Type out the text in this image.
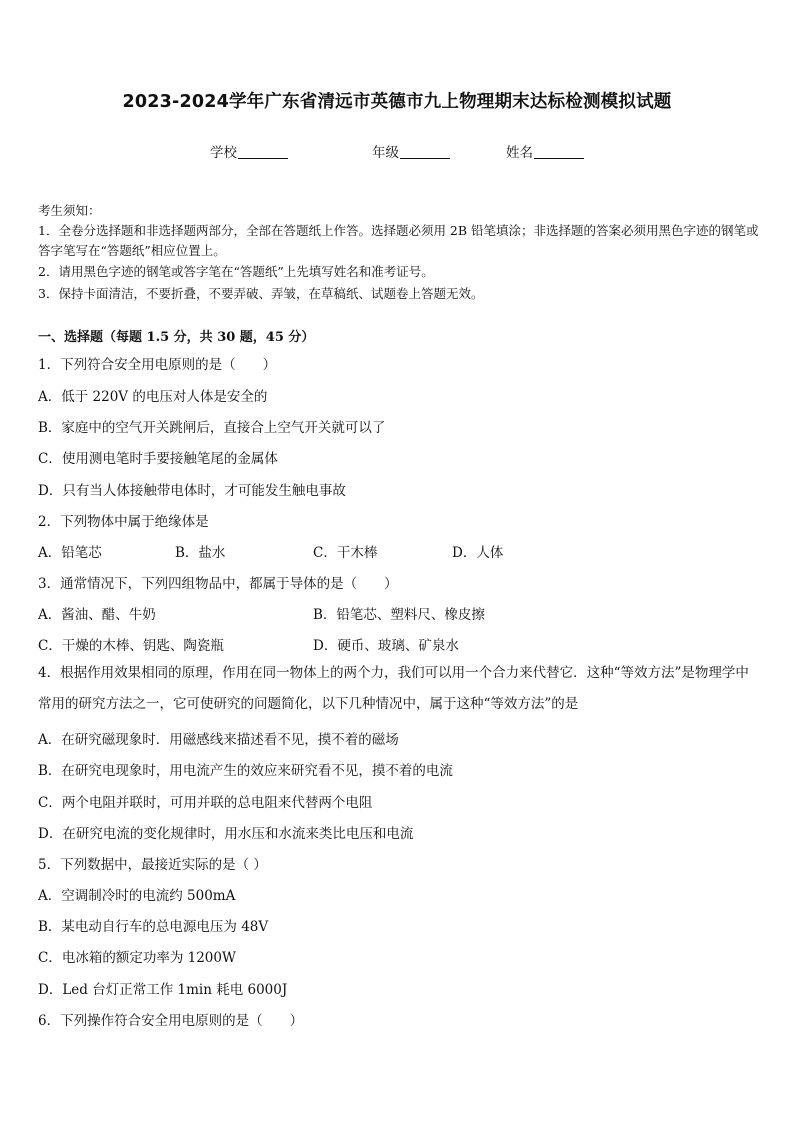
2023-2024学年广东省清远市英德市九上物理期末达标检测模拟试题
学校	年级	姓名
考生须知：
1．全卷分选择题和非选择题两部分，全部在答题纸上作答。选择题必须用 2B 铅笔填涂；非选择题的答案必须用黑色字迹的钢笔或答字笔写在“答题纸”相应位置上。
2．请用黑色字迹的钢笔或答字笔在“答题纸”上先填写姓名和准考证号。
3．保持卡面清洁，不要折叠，不要弄破、弄皱，在草稿纸、试题卷上答题无效。
一、选择题（每题 1.5 分，共 30 题，45 分）
1．下列符合安全用电原则的是（　　）
A．低于 220V 的电压对人体是安全的
B．家庭中的空气开关跳闸后，直接合上空气开关就可以了
C．使用测电笔时手要接触笔尾的金属体
D．只有当人体接触带电体时，才可能发生触电事故
2．下列物体中属于绝缘体是
A．铅笔芯	B．盐水	C．干木棒	D．人体
3．通常情况下，下列四组物品中，都属于导体的是（　　）
A．酱油、醋、牛奶	B．铅笔芯、塑料尺、橡皮擦
C．干燥的木棒、钥匙、陶瓷瓶	D．硬币、玻璃、矿泉水
4．根据作用效果相同的原理，作用在同一物体上的两个力，我们可以用一个合力来代替它．这种“等效方法”是物理学中常用的研究方法之一，它可使研究的问题简化，以下几种情况中，属于这种“等效方法”的是
A．在研究磁现象时．用磁感线来描述看不见，摸不着的磁场
B．在研究电现象时，用电流产生的效应来研究看不见，摸不着的电流
C．两个电阻并联时，可用并联的总电阻来代替两个电阻
D．在研究电流的变化规律时，用水压和水流来类比电压和电流
5．下列数据中，最接近实际的是（ ）
A．空调制冷时的电流约 500mA
B．某电动自行车的总电源电压为 48V
C．电冰箱的额定功率为 1200W
D．Led 台灯正常工作 1min 耗电 6000J
6．下列操作符合安全用电原则的是（　　）
